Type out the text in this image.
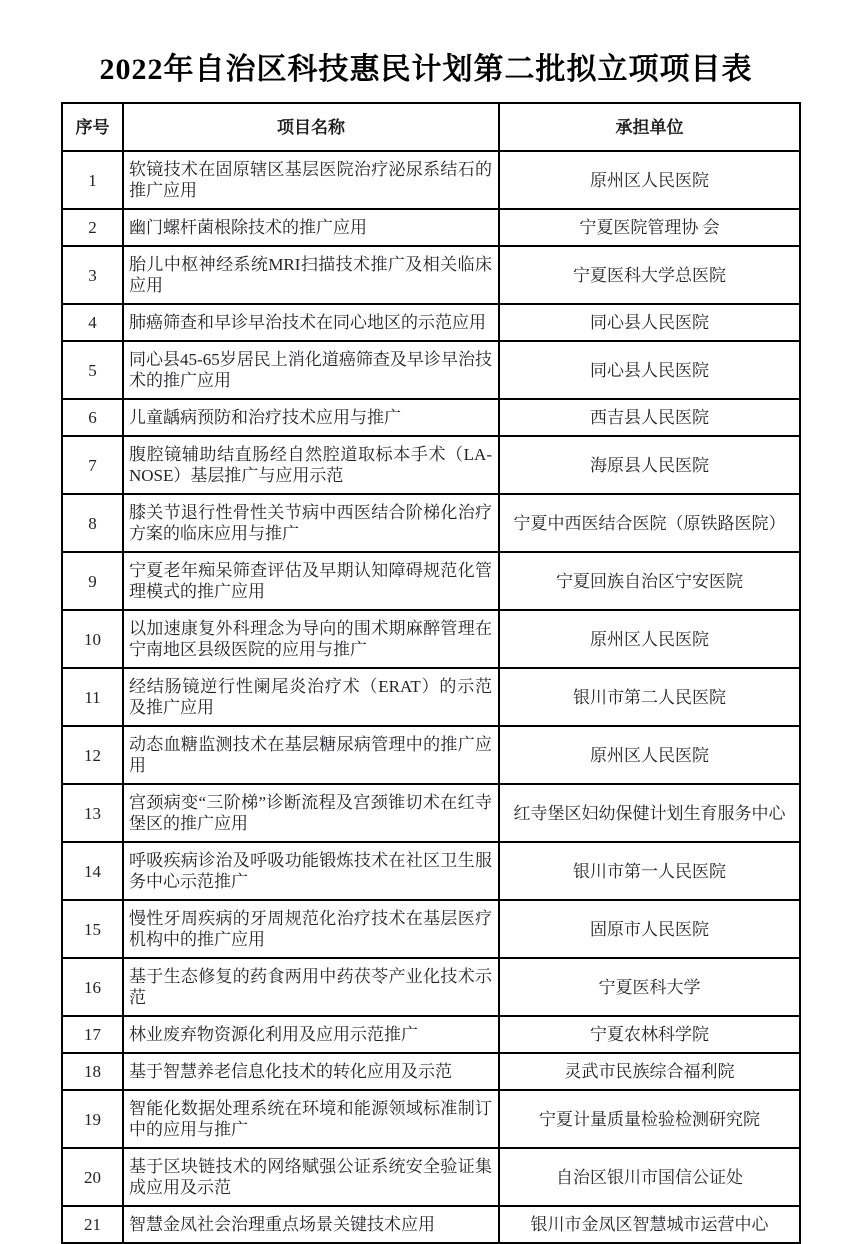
2022年自治区科技惠民计划第二批拟立项项目表
序号	项目名称	承担单位
1	软镜技术在固原辖区基层医院治疗泌尿系结石的推广应用	原州区人民医院
2	幽门螺杆菌根除技术的推广应用	宁夏医院管理协 会
3	胎儿中枢神经系统MRI扫描技术推广及相关临床应用	宁夏医科大学总医院
4	肺癌筛查和早诊早治技术在同心地区的示范应用	同心县人民医院
5	同心县45-65岁居民上消化道癌筛查及早诊早治技术的推广应用	同心县人民医院
6	儿童龋病预防和治疗技术应用与推广	西吉县人民医院
7	腹腔镜辅助结直肠经自然腔道取标本手术（LA-NOSE）基层推广与应用示范	海原县人民医院
8	膝关节退行性骨性关节病中西医结合阶梯化治疗方案的临床应用与推广	宁夏中西医结合医院（原铁路医院）
9	宁夏老年痴呆筛查评估及早期认知障碍规范化管理模式的推广应用	宁夏回族自治区宁安医院
10	以加速康复外科理念为导向的围术期麻醉管理在宁南地区县级医院的应用与推广	原州区人民医院
11	经结肠镜逆行性阑尾炎治疗术（ERAT）的示范及推广应用	银川市第二人民医院
12	动态血糖监测技术在基层糖尿病管理中的推广应用	原州区人民医院
13	宫颈病变“三阶梯”诊断流程及宫颈锥切术在红寺堡区的推广应用	红寺堡区妇幼保健计划生育服务中心
14	呼吸疾病诊治及呼吸功能锻炼技术在社区卫生服务中心示范推广	银川市第一人民医院
15	慢性牙周疾病的牙周规范化治疗技术在基层医疗机构中的推广应用	固原市人民医院
16	基于生态修复的药食两用中药茯苓产业化技术示范	宁夏医科大学
17	林业废弃物资源化利用及应用示范推广	宁夏农林科学院
18	基于智慧养老信息化技术的转化应用及示范	灵武市民族综合福利院
19	智能化数据处理系统在环境和能源领域标准制订中的应用与推广	宁夏计量质量检验检测研究院
20	基于区块链技术的网络赋强公证系统安全验证集成应用及示范	自治区银川市国信公证处
21	智慧金凤社会治理重点场景关键技术应用	银川市金凤区智慧城市运营中心
